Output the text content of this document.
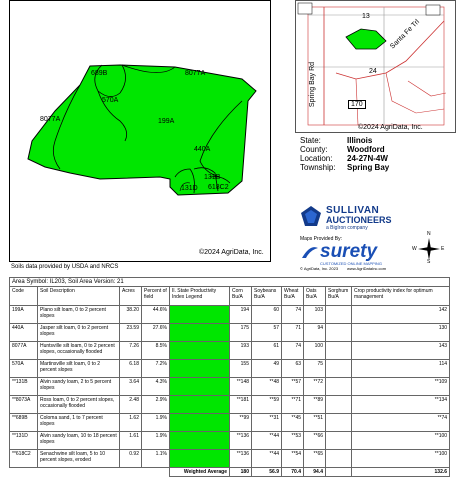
689B	8077A
570A
8077A	199A
440A
131B
131D 618C2
©2024 AgriData, Inc.
13
24
Spring Bay Rd
Santa Fe Trl
170
©2024 AgriData, Inc.
State:	Illinois
County:	Woodford
Location:	24-27N-4W
Township:	Spring Bay
SULLIVAN
AUCTIONEERS
a BigIron company
Maps Provided By:
surety
CUSTOMIZED ONLINE MAPPING
© AgriData, Inc. 2023        www.AgriDataInc.com
N
S
E
W
Soils data provided by USDA and NRCS
Area Symbol: IL203, Soil Area Version: 21										
Code	Soil Description	Acres	Percent of field	Il. State Productivity Index Legend	Corn Bu/A	Soybeans Bu/A	Wheat Bu/A	Oats Bu/A	Sorghum Bu/A	Crop productivity index for optimum management
199A	Plano silt loam, 0 to 2 percent slopes	38.20	44.6%		194	60	74	103		142
440A	Jasper silt loam, 0 to 2 percent slopes	23.59	27.6%		175	57	71	94		130
8077A	Huntsville silt loam, 0 to 2 percent slopes, occasionally flooded	7.26	8.5%		193	61	74	100		143
570A	Martinsville silt loam, 0 to 2 percent slopes	6.18	7.2%		155	49	63	75		114
**131B	Alvin sandy loam, 2 to 5 percent slopes	3.64	4.3%		**148	**48	**57	**72		**109
**8073A	Ross loam, 0 to 2 percent slopes, occasionally flooded	2.48	2.9%		**181	**59	**71	**89		**134
**689B	Coloma sand, 1 to 7 percent slopes	1.62	1.9%		**99	**31	**45	**51		**74
**131D	Alvin sandy loam, 10 to 18 percent slopes	1.61	1.9%		**136	**44	**53	**66		**100
**618C2	Senachwine silt loam, 5 to 10 percent slopes, eroded	0.92	1.1%		**136	**44	**54	**65		**100
				Weighted Average	180	56.9	70.4	94.4		132.6
